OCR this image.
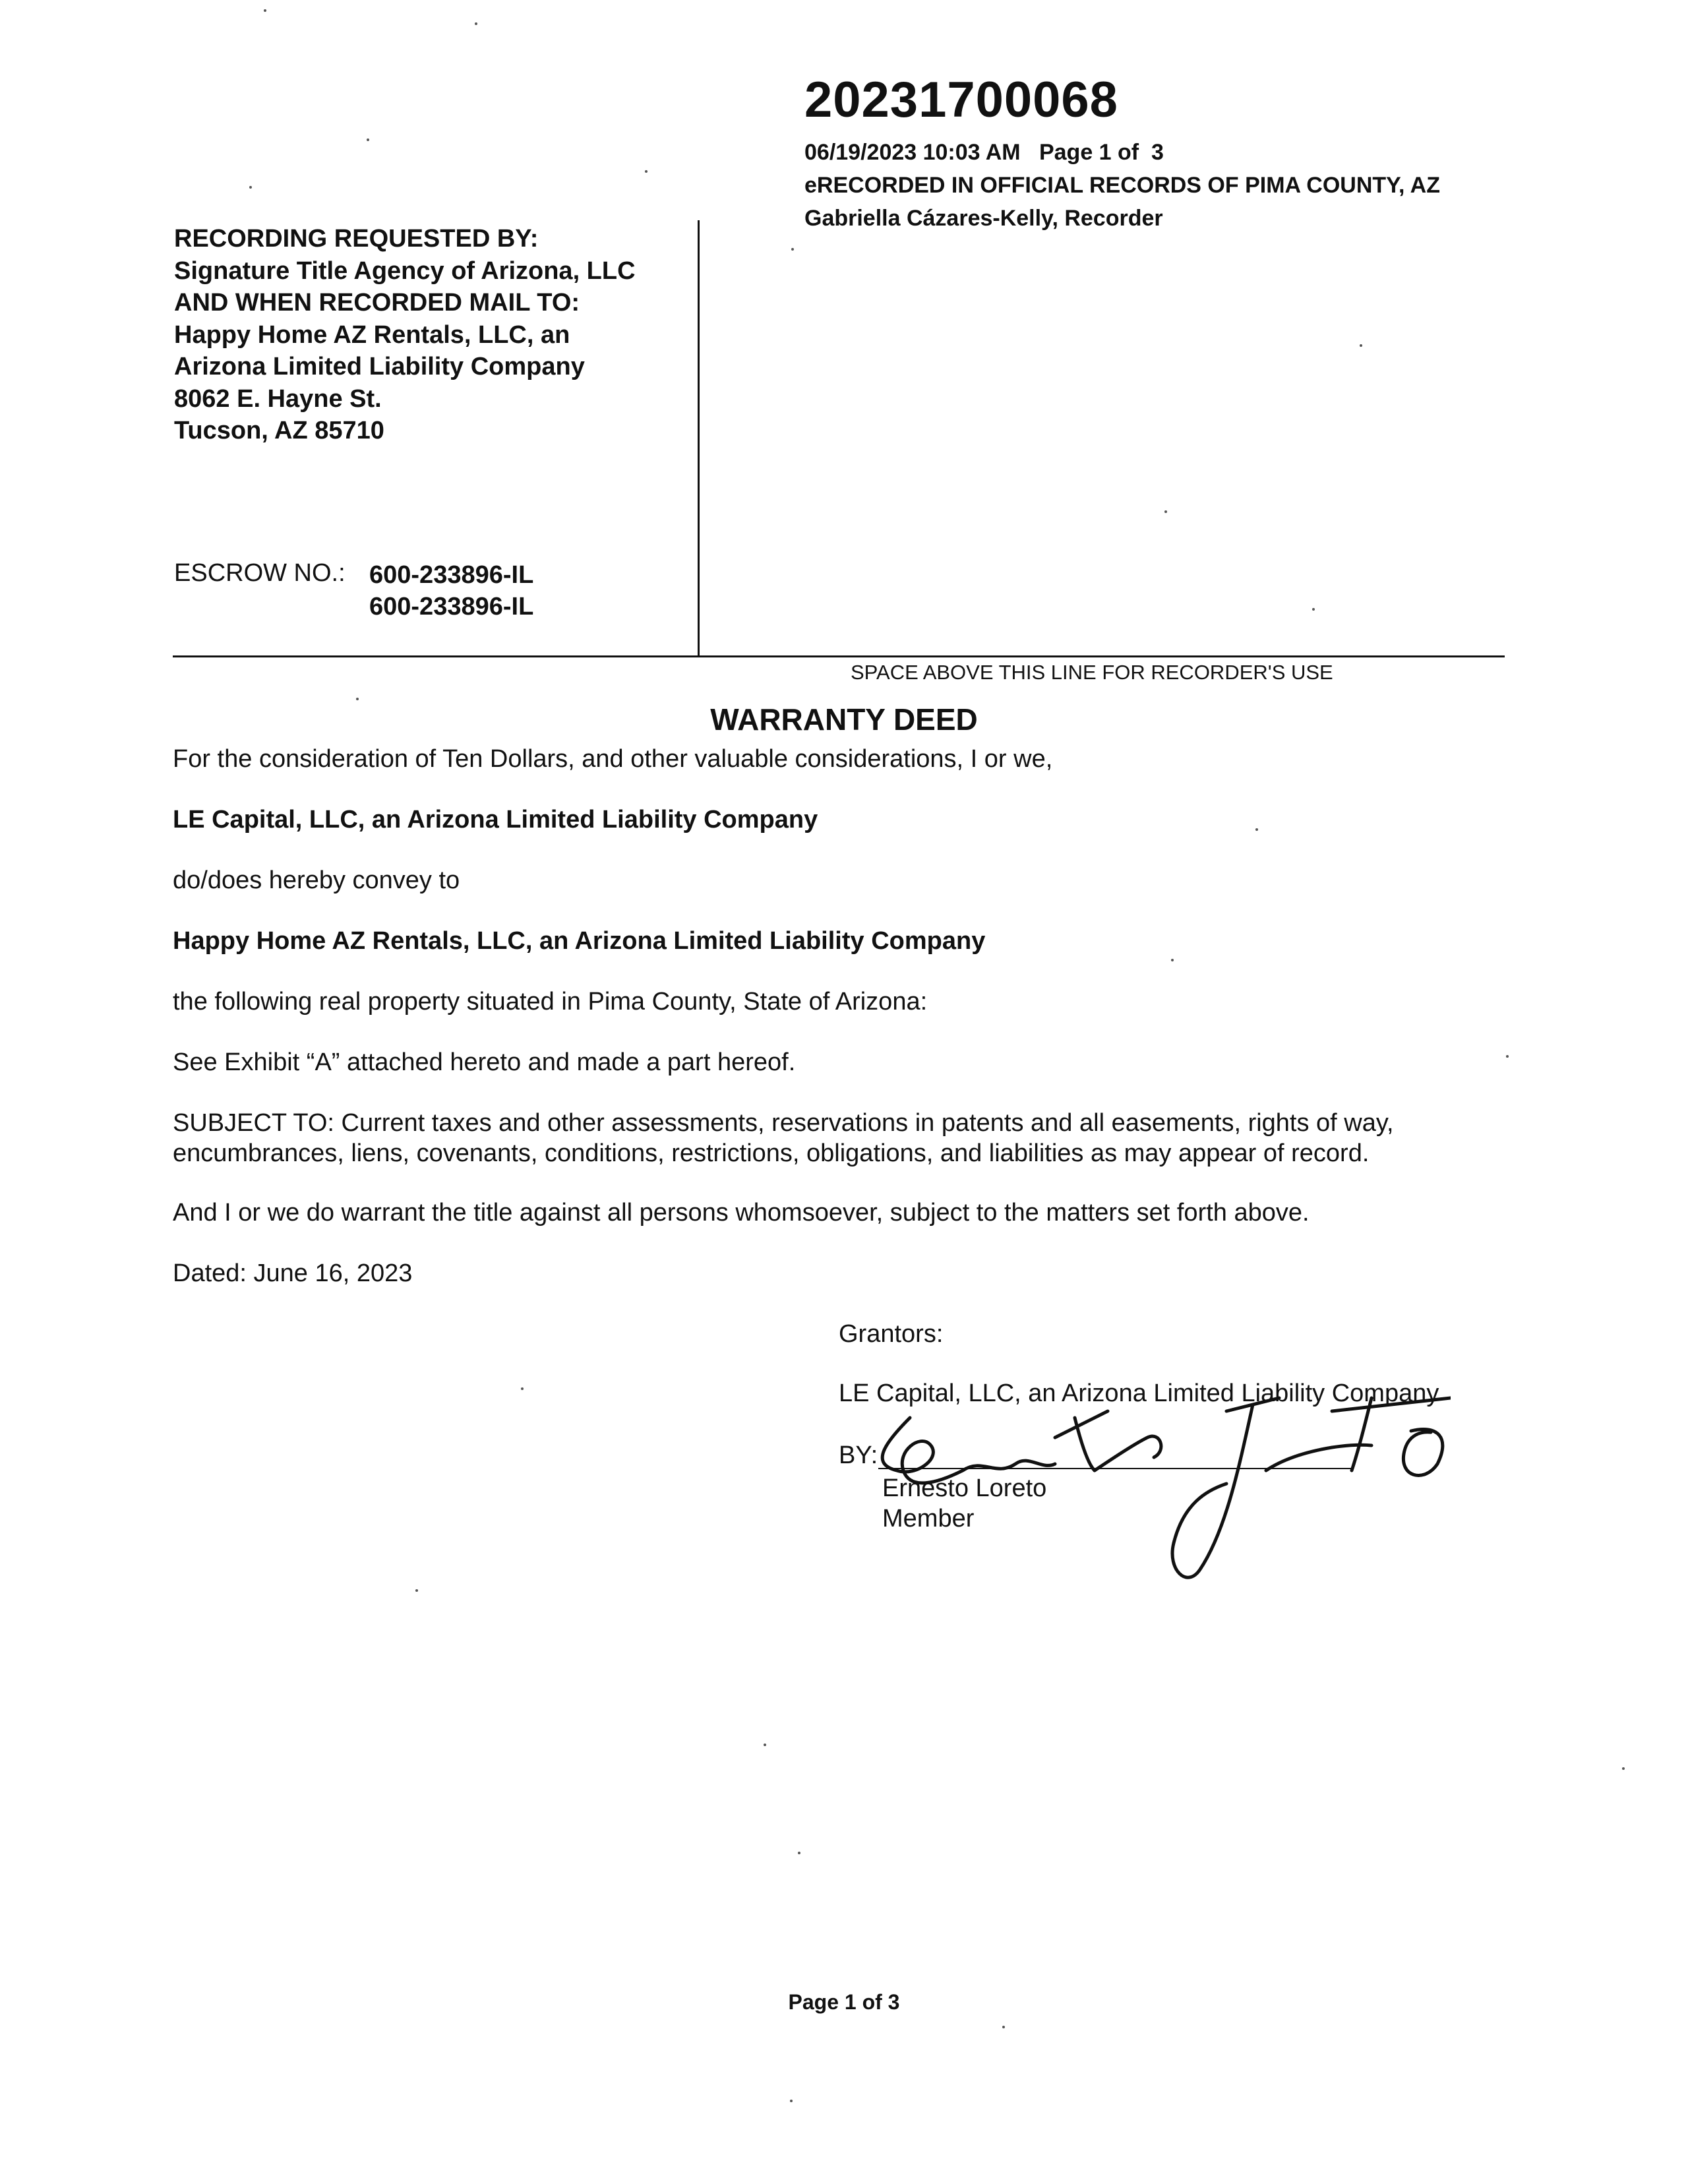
20231700068
06/19/2023 10:03 AM   Page 1 of  3
eRECORDED IN OFFICIAL RECORDS OF PIMA COUNTY, AZ
Gabriella Cázares-Kelly, Recorder
RECORDING REQUESTED BY:
Signature Title Agency of Arizona, LLC
AND WHEN RECORDED MAIL TO:
Happy Home AZ Rentals, LLC, an
Arizona Limited Liability Company
8062 E. Hayne St.
Tucson, AZ 85710
ESCROW NO.: 600-233896-IL
600-233896-IL
SPACE ABOVE THIS LINE FOR RECORDER'S USE
WARRANTY DEED
For the consideration of Ten Dollars, and other valuable considerations, I or we,
LE Capital, LLC, an Arizona Limited Liability Company
do/does hereby convey to
Happy Home AZ Rentals, LLC, an Arizona Limited Liability Company
the following real property situated in Pima County, State of Arizona:
See Exhibit “A” attached hereto and made a part hereof.
SUBJECT TO: Current taxes and other assessments, reservations in patents and all easements, rights of way, encumbrances, liens, covenants, conditions, restrictions, obligations, and liabilities as may appear of record.
And I or we do warrant the title against all persons whomsoever, subject to the matters set forth above.
Dated: June 16, 2023
Grantors:
LE Capital, LLC, an Arizona Limited Liability Company
BY:
Ernesto Loreto
Member
Page 1 of 3
